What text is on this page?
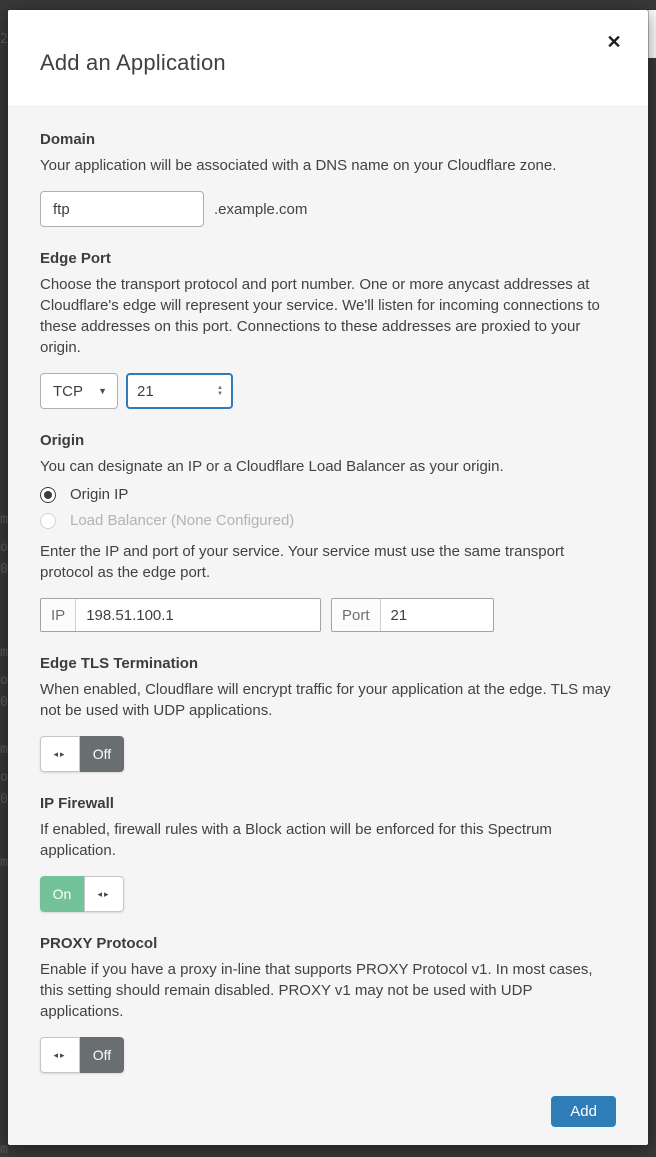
2
m
o
0
m
o
0
m
o
0
m
m
Add an Application
✕
Domain
Your application will be associated with a DNS name on your Cloudflare zone.
ftp	.example.com
Edge Port
Choose the transport protocol and port number. One or more anycast addresses at Cloudflare's edge will represent your service. We'll listen for incoming connections to these addresses on this port. Connections to these addresses are proxied to your origin.
TCP ▼	21	▲
▼
Origin
You can designate an IP or a Cloudflare Load Balancer as your origin.
Origin IP
Load Balancer (None Configured)
Enter the IP and port of your service. Your service must use the same transport protocol as the edge port.
IP	198.51.100.1	Port	21
Edge TLS Termination
When enabled, Cloudflare will encrypt traffic for your application at the edge. TLS may not be used with UDP applications.
◂▸	Off
IP Firewall
If enabled, firewall rules with a Block action will be enforced for this Spectrum application.
On	◂▸
PROXY Protocol
Enable if you have a proxy in-line that supports PROXY Protocol v1. In most cases, this setting should remain disabled. PROXY v1 may not be used with UDP applications.
◂▸	Off
Add
